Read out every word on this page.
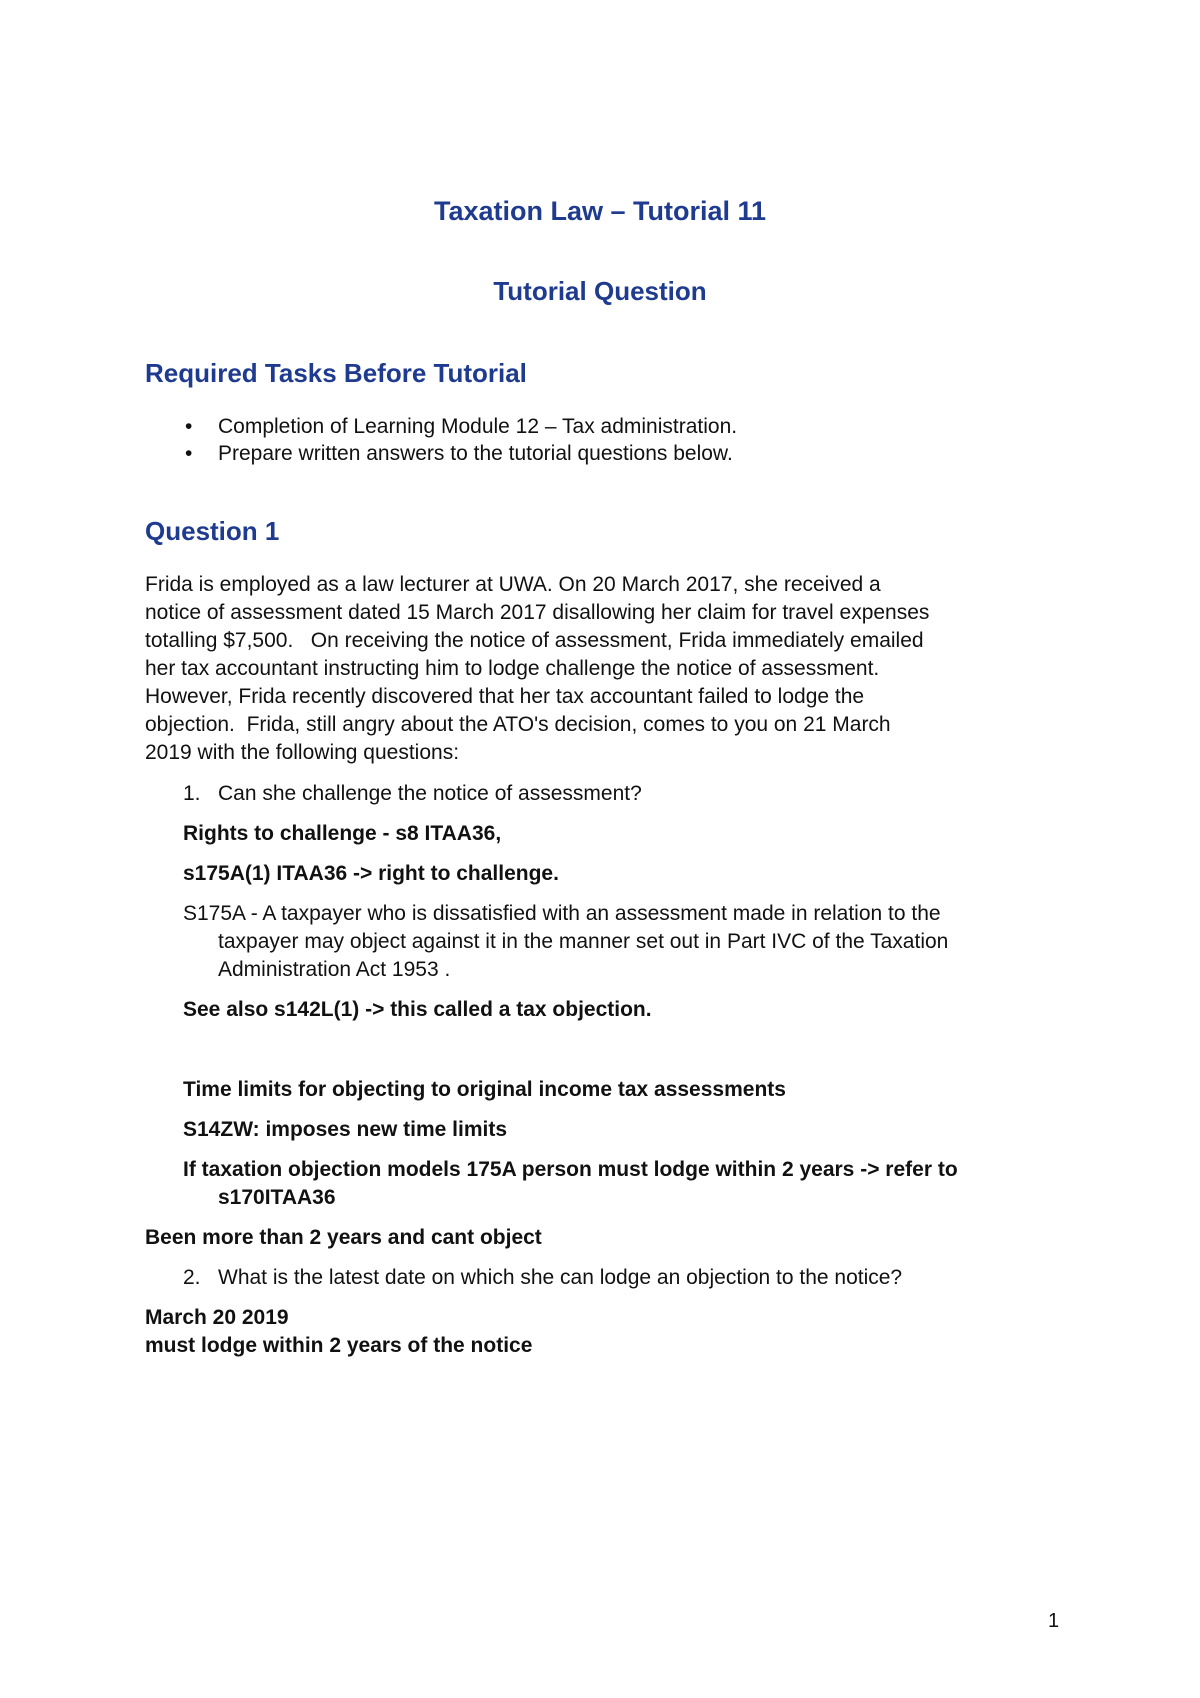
Taxation Law – Tutorial 11
Tutorial Question
Required Tasks Before Tutorial
• Completion of Learning Module 12 – Tax administration.
• Prepare written answers to the tutorial questions below.
Question 1
Frida is employed as a law lecturer at UWA. On 20 March 2017, she received a
notice of assessment dated 15 March 2017 disallowing her claim for travel expenses
totalling $7,500.   On receiving the notice of assessment, Frida immediately emailed
her tax accountant instructing him to lodge challenge the notice of assessment.
However, Frida recently discovered that her tax accountant failed to lodge the
objection.  Frida, still angry about the ATO's decision, comes to you on 21 March
2019 with the following questions:
1. Can she challenge the notice of assessment?
Rights to challenge - s8 ITAA36,
s175A(1) ITAA36 -> right to challenge.
S175A - A taxpayer who is dissatisfied with an assessment made in relation to the
taxpayer may object against it in the manner set out in Part IVC of the Taxation
Administration Act 1953 .
See also s142L(1) -> this called a tax objection.
Time limits for objecting to original income tax assessments
S14ZW: imposes new time limits
If taxation objection models 175A person must lodge within 2 years -> refer to
s170ITAA36
Been more than 2 years and cant object
2. What is the latest date on which she can lodge an objection to the notice?
March 20 2019
must lodge within 2 years of the notice
1
